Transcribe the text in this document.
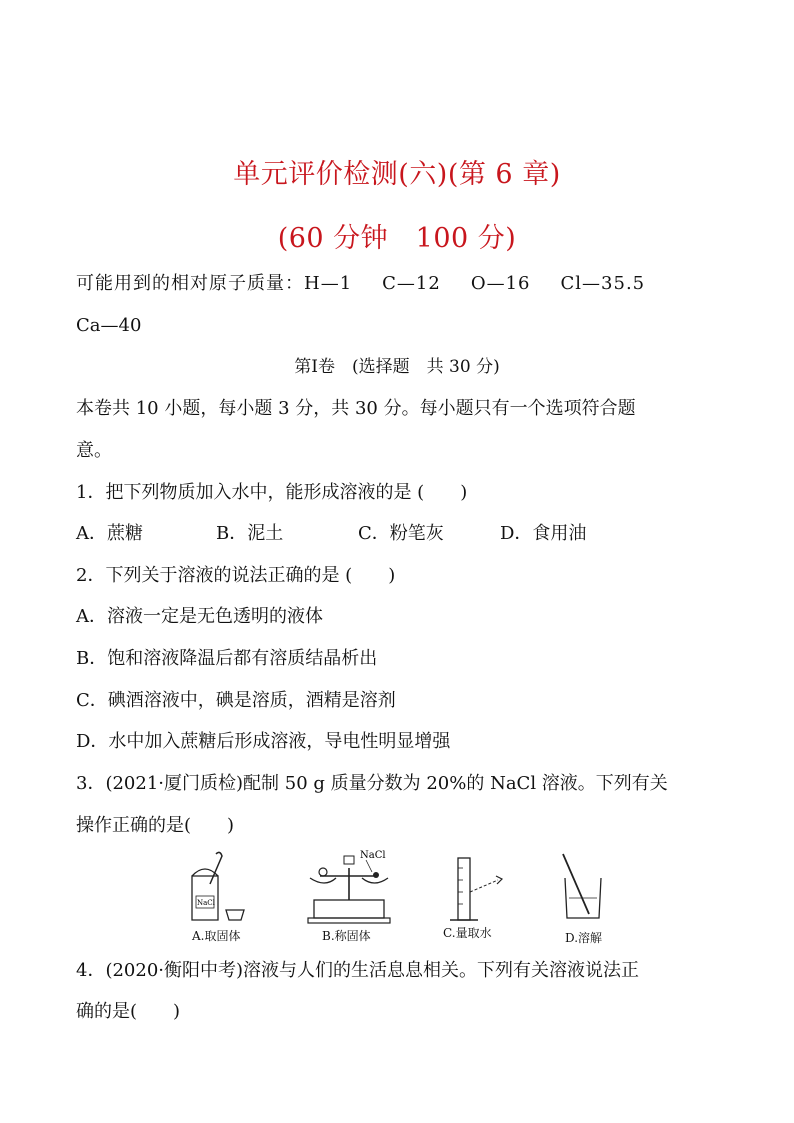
单元评价检测(六)(第 6 章)
(60 分钟　100 分)
可能用到的相对原子质量：H—1 C—12 O—16 Cl—35.5
Ca—40
第Ⅰ卷　(选择题　共 30 分)
本卷共 10 小题，每小题 3 分，共 30 分。每小题只有一个选项符合题
意。
1．把下列物质加入水中，能形成溶液的是 (　　)
A．蔗糖	B．泥土	C．粉笔灰	D．食用油
2．下列关于溶液的说法正确的是 (　　)
A．溶液一定是无色透明的液体
B．饱和溶液降温后都有溶质结晶析出
C．碘酒溶液中，碘是溶质，酒精是溶剂
D．水中加入蔗糖后形成溶液，导电性明显增强
3．(2021·厦门质检)配制 50 g 质量分数为 20%的 NaCl 溶液。下列有关
操作正确的是(　　)
NaCl
A.取固体
NaCl
B.称固体	C.量取水	D.溶解
4．(2020·衡阳中考)溶液与人们的生活息息相关。下列有关溶液说法正
确的是(　　)
